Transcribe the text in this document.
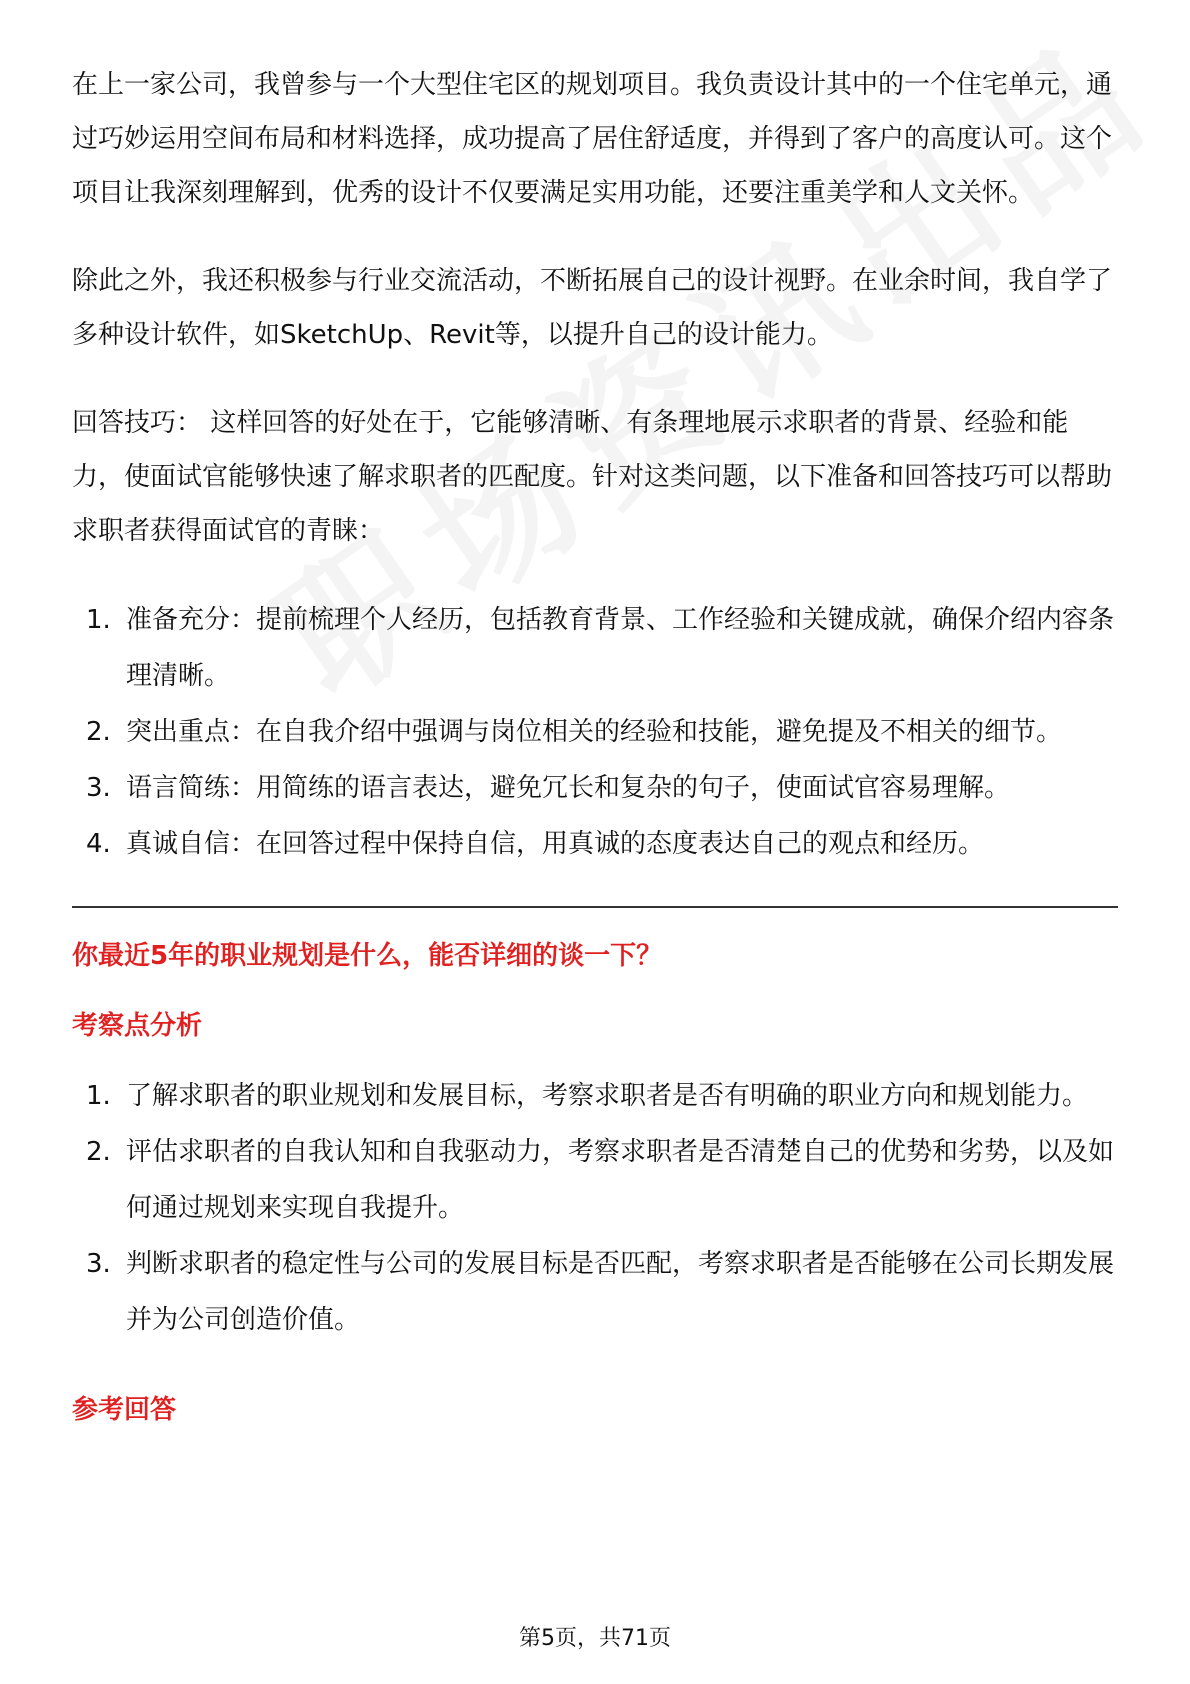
在上一家公司，我曾参与一个大型住宅区的规划项目。我负责设计其中的一个住宅单元，通过巧妙运用空间布局和材料选择，成功提高了居住舒适度，并得到了客户的高度认可。这个项目让我深刻理解到，优秀的设计不仅要满足实用功能，还要注重美学和人文关怀。

除此之外，我还积极参与行业交流活动，不断拓展自己的设计视野。在业余时间，我自学了多种设计软件，如SketchUp、Revit等，以提升自己的设计能力。

回答技巧： 这样回答的好处在于，它能够清晰、有条理地展示求职者的背景、经验和能力，使面试官能够快速了解求职者的匹配度。针对这类问题，以下准备和回答技巧可以帮助求职者获得面试官的青睐：

1. 准备充分：提前梳理个人经历，包括教育背景、工作经验和关键成就，确保介绍内容条理清晰。
2. 突出重点：在自我介绍中强调与岗位相关的经验和技能，避免提及不相关的细节。
3. 语言简练：用简练的语言表达，避免冗长和复杂的句子，使面试官容易理解。
4. 真诚自信：在回答过程中保持自信，用真诚的态度表达自己的观点和经历。
你最近5年的职业规划是什么，能否详细的谈一下？
考察点分析
1. 了解求职者的职业规划和发展目标，考察求职者是否有明确的职业方向和规划能力。
2. 评估求职者的自我认知和自我驱动力，考察求职者是否清楚自己的优势和劣势，以及如何通过规划来实现自我提升。
3. 判断求职者的稳定性与公司的发展目标是否匹配，考察求职者是否能够在公司长期发展并为公司创造价值。
参考回答
第5页，共71页
